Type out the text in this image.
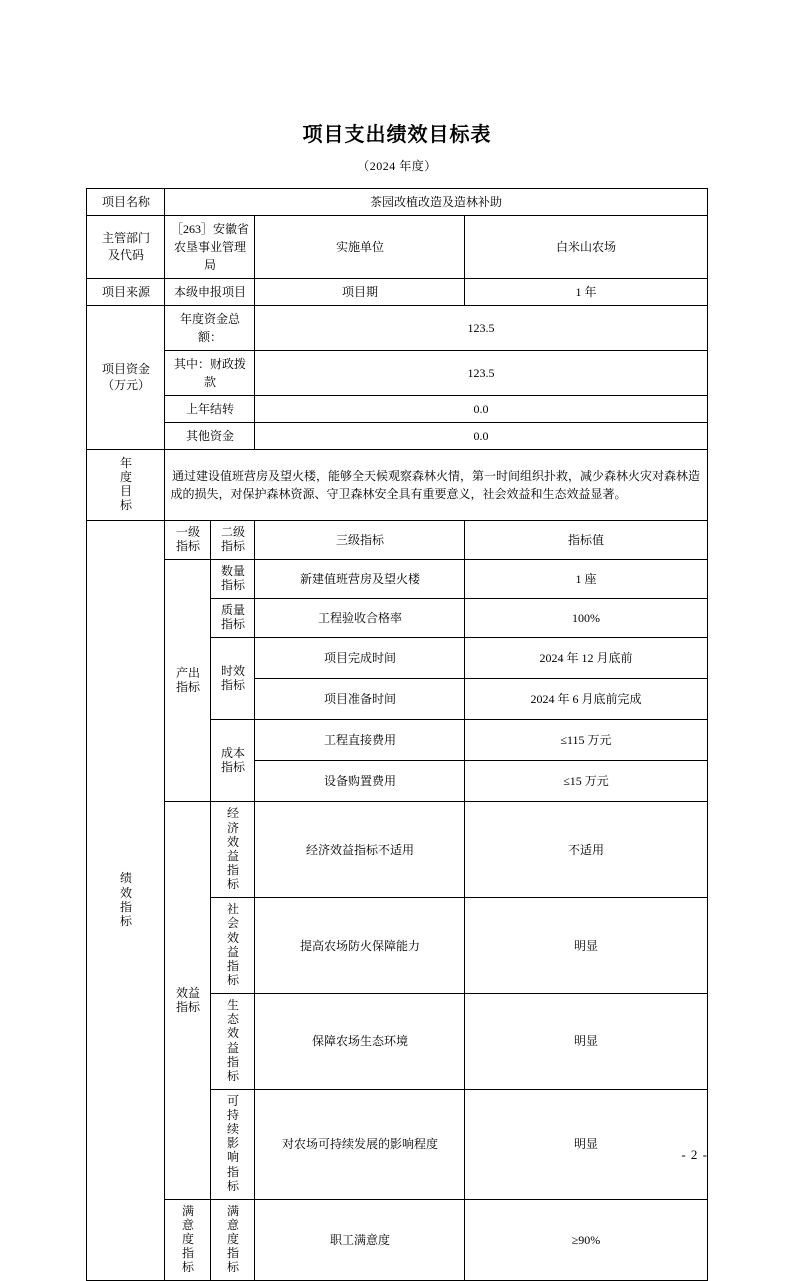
项目支出绩效目标表
（2024 年度）
项目名称	茶园改植改造及造林补助			
主管部门
及代码	［263］安徽省农垦事业管理局		实施单位	白米山农场
项目来源	本级申报项目		项目期	1 年
项目资金
（万元）	年度资金总额：		123.5	
	其中：财政拨款		123.5	
	上年结转		0.0	
	其他资金		0.0	
年度目标	通过建设值班营房及望火楼，能够全天候观察森林火情，第一时间组织扑救，减少森林火灾对森林造成的损失，对保护森林资源、守卫森林安全具有重要意义，社会效益和生态效益显著。			
绩效指标	一级指标	二级指标	三级指标	指标值
	产出指标	数量指标	新建值班营房及望火楼	1 座
		质量指标	工程验收合格率	100%
		时效指标	项目完成时间	2024 年 12 月底前
			项目准备时间	2024 年 6 月底前完成
		成本指标	工程直接费用	≤115 万元
			设备购置费用	≤15 万元
	效益指标	经济效益指标	经济效益指标不适用	不适用
		社会效益指标	提高农场防火保障能力	明显
		生态效益指标	保障农场生态环境	明显
		可持续影响指标	对农场可持续发展的影响程度	明显
	满意度指标	满意度指标	职工满意度	≥90%
- 2 -
